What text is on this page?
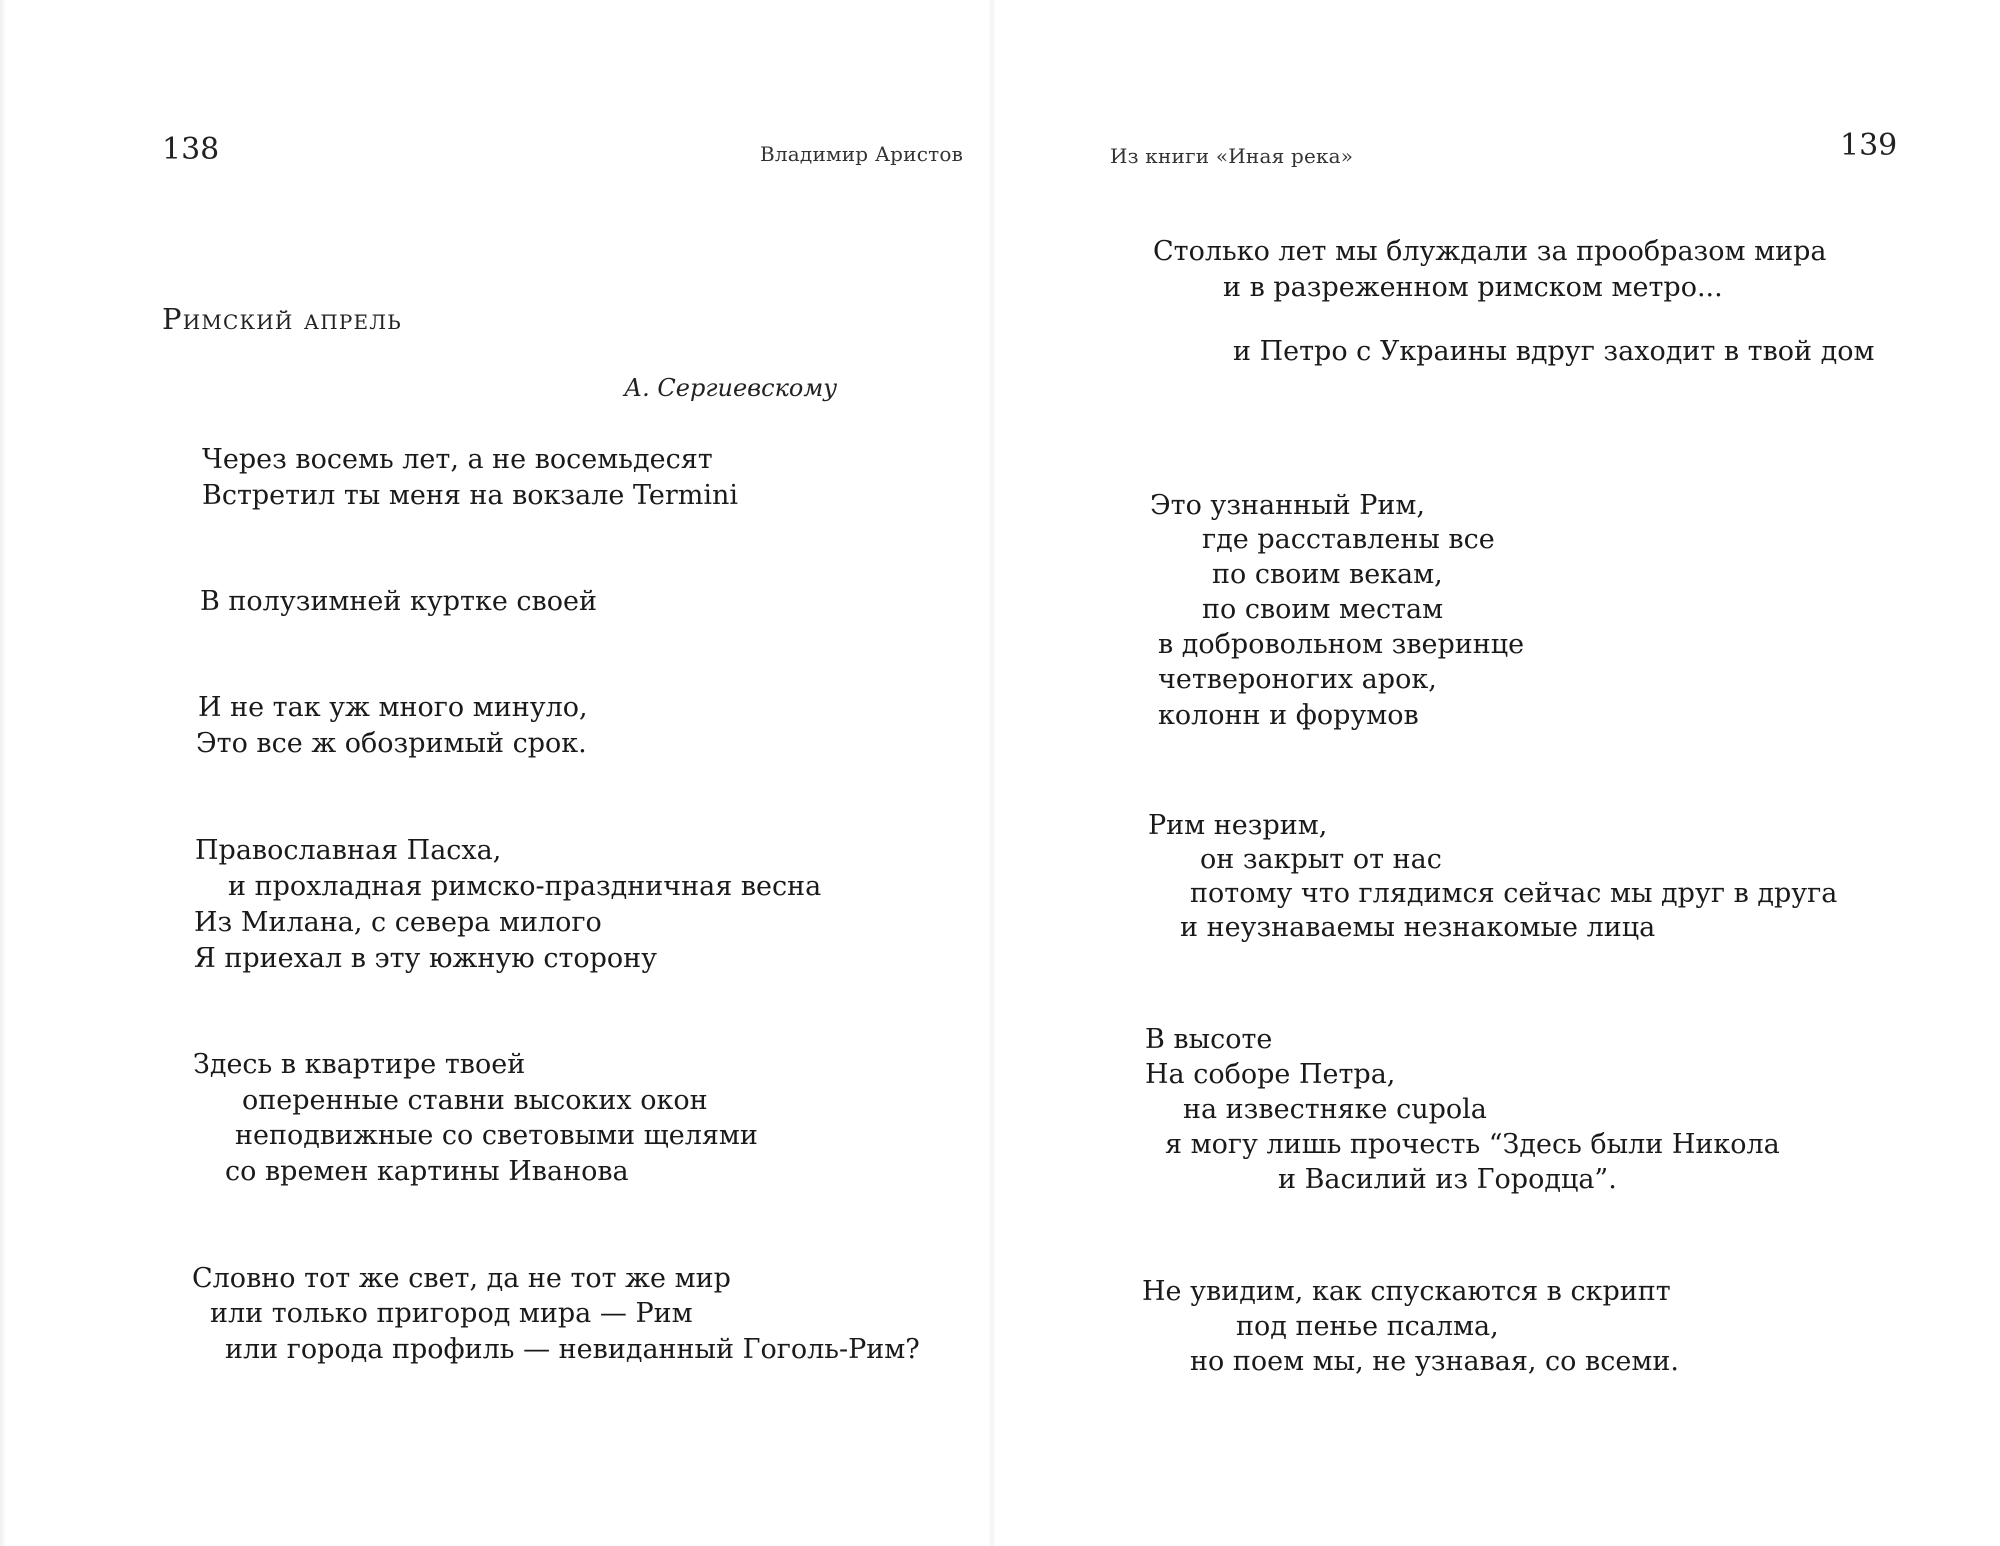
138	Владимир Аристов
Римский апрель
А. Сергиевскому
Через восемь лет, а не восемьдесят
Встретил ты меня на вокзале Termini
В полузимней куртке своей
И не так уж много минуло,
Это все ж обозримый срок.
Православная Пасха,
и прохладная римско-праздничная весна
Из Милана, с севера милого
Я приехал в эту южную сторону
Здесь в квартире твоей
оперенные ставни высоких окон
неподвижные со световыми щелями
со времен картины Иванова
Словно тот же свет, да не тот же мир
или только пригород мира — Рим
или города профиль — невиданный Гоголь-Рим?
Из книги «Иная река»	139
Столько лет мы блуждали за прообразом мира
и в разреженном римском метро...
и Петро с Украины вдруг заходит в твой дом
Это узнанный Рим,
где расставлены все
по своим векам,
по своим местам
в добровольном зверинце
четвероногих арок,
колонн и форумов
Рим незрим,
он закрыт от нас
потому что глядимся сейчас мы друг в друга
и неузнаваемы незнакомые лица
В высоте
На соборе Петра,
на известняке cupola
я могу лишь прочесть “Здесь были Никола
и Василий из Городца”.
Не увидим, как спускаются в скрипт
под пенье псалма,
но поем мы, не узнавая, со всеми.
